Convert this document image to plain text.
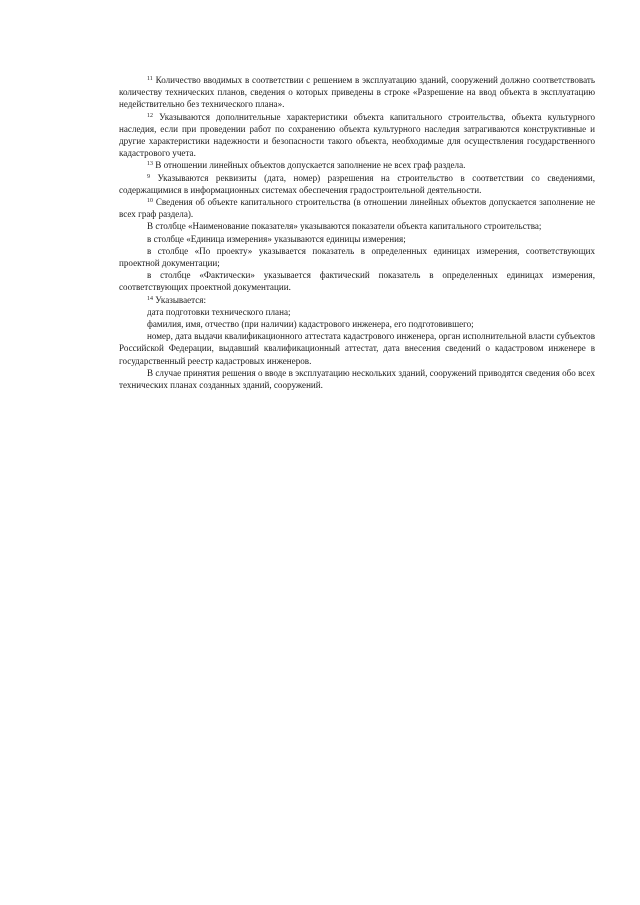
$^{11}$ Количество вводимых в соответствии с решением в эксплуатацию зданий, сооружений должно соответствовать количеству технических планов, сведения о которых приведены в строке «Разрешение на ввод объекта в эксплуатацию недействительно без технического плана».

$^{12}$ Указываются дополнительные характеристики объекта капитального строительства, объекта культурного наследия, если при проведении работ по сохранению объекта культурного наследия затрагиваются конструктивные и другие характеристики надежности и безопасности такого объекта, необходимые для осуществления государственного кадастрового учета.

$^{13}$ В отношении линейных объектов допускается заполнение не всех граф раздела.

$^9$ Указываются реквизиты (дата, номер) разрешения на строительство в соответствии со сведениями, содержащимися в информационных системах обеспечения градостроительной деятельности.

$^{10}$ Сведения об объекте капитального строительства (в отношении линейных объектов допускается заполнение не всех граф раздела).

В столбце «Наименование показателя» указываются показатели объекта капитального строительства;

в столбце «Единица измерения» указываются единицы измерения;

в столбце «По проекту» указывается показатель в определенных единицах измерения, соответствующих проектной документации;

в столбце «Фактически» указывается фактический показатель в определенных единицах измерения, соответствующих проектной документации.

$^{14}$ Указывается:

дата подготовки технического плана;

фамилия, имя, отчество (при наличии) кадастрового инженера, его подготовившего;

номер, дата выдачи квалификационного аттестата кадастрового инженера, орган исполнительной власти субъектов Российской Федерации, выдавший квалификационный аттестат, дата внесения сведений о кадастровом инженере в государственный реестр кадастровых инженеров.

В случае принятия решения о вводе в эксплуатацию нескольких зданий, сооружений приводятся сведения обо всех технических планах созданных зданий, сооружений.
